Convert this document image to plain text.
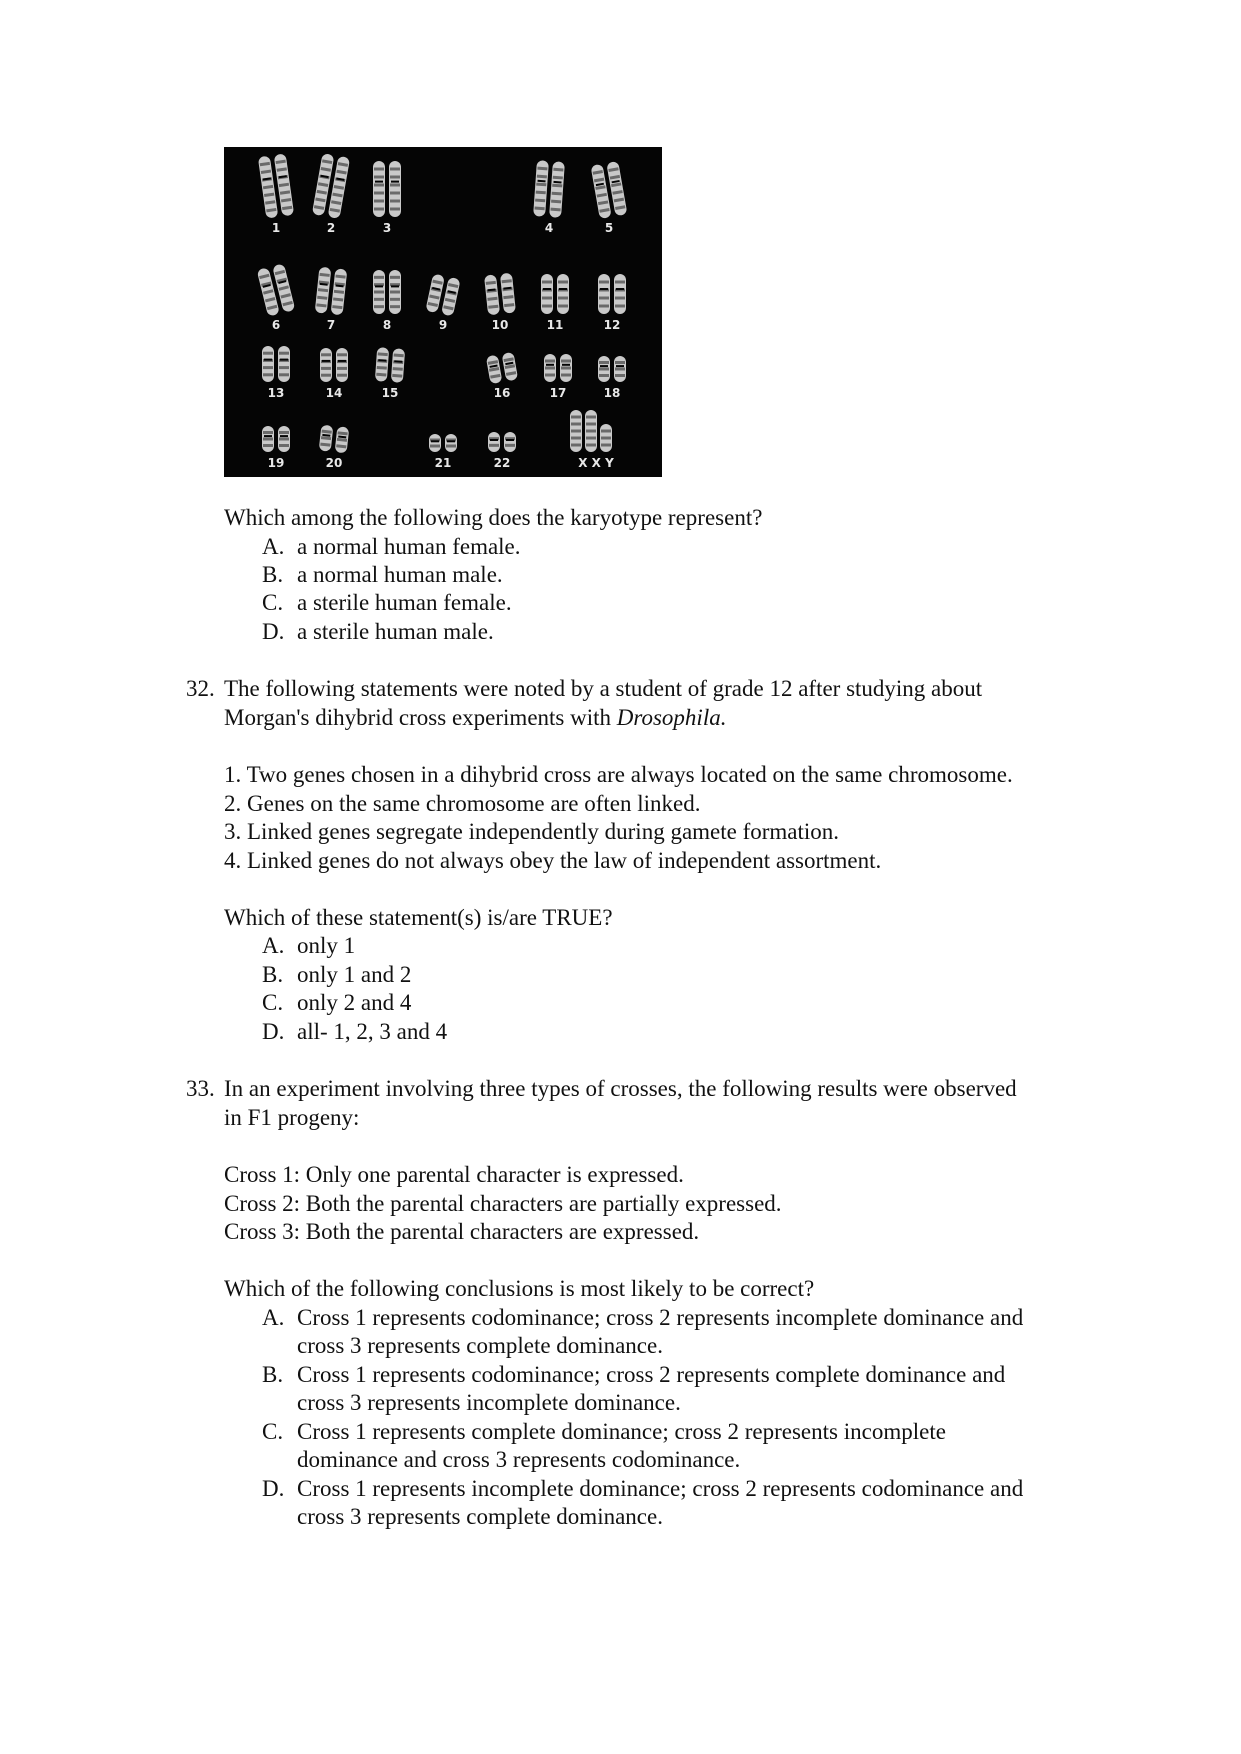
1	2	3	4	5
6	7	8	9	10	11	12
13	14	15	16	17	18
19	20	21	22	X X Y
Which among the following does the karyotype represent?
A. a normal human female.
B. a normal human male.
C. a sterile human female.
D. a sterile human male.
32. The following statements were noted by a student of grade 12 after studying about
Morgan's dihybrid cross experiments with Drosophila.
1. Two genes chosen in a dihybrid cross are always located on the same chromosome.
2. Genes on the same chromosome are often linked.
3. Linked genes segregate independently during gamete formation.
4. Linked genes do not always obey the law of independent assortment.
Which of these statement(s) is/are TRUE?
A. only 1
B. only 1 and 2
C. only 2 and 4
D. all- 1, 2, 3 and 4
33. In an experiment involving three types of crosses, the following results were observed
in F1 progeny:
Cross 1: Only one parental character is expressed.
Cross 2: Both the parental characters are partially expressed.
Cross 3: Both the parental characters are expressed.
Which of the following conclusions is most likely to be correct?
A. Cross 1 represents codominance; cross 2 represents incomplete dominance and
cross 3 represents complete dominance.
B. Cross 1 represents codominance; cross 2 represents complete dominance and
cross 3 represents incomplete dominance.
C. Cross 1 represents complete dominance; cross 2 represents incomplete
dominance and cross 3 represents codominance.
D. Cross 1 represents incomplete dominance; cross 2 represents codominance and
cross 3 represents complete dominance.
